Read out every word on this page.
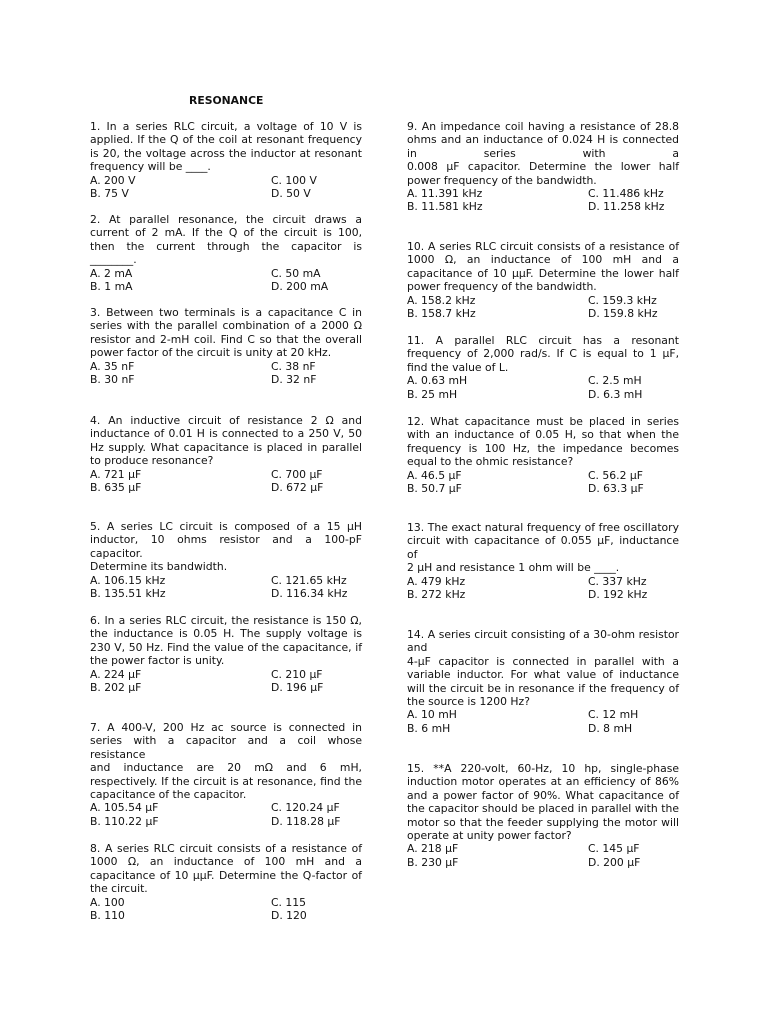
RESONANCE
1. In a series RLC circuit, a voltage of 10 V is
applied. If the Q of the coil at resonant frequency
is 20, the voltage across the inductor at resonant
frequency will be ____.
A. 200 V	C. 100 V
B. 75 V	D. 50 V
2. At parallel resonance, the circuit draws a
current of 2 mA. If the Q of the circuit is 100,
then the current through the capacitor is
________.
A. 2 mA	C. 50 mA
B. 1 mA	D. 200 mA
3. Between two terminals is a capacitance C in
series with the parallel combination of a 2000 Ω
resistor and 2-mH coil. Find C so that the overall
power factor of the circuit is unity at 20 kHz.
A. 35 nF	C. 38 nF
B. 30 nF	D. 32 nF
4. An inductive circuit of resistance 2 Ω and
inductance of 0.01 H is connected to a 250 V, 50
Hz supply. What capacitance is placed in parallel
to produce resonance?
A. 721 μF	C. 700 μF
B. 635 μF	D. 672 μF
5. A series LC circuit is composed of a 15 μH
inductor, 10 ohms resistor and a 100-pF capacitor.
Determine its bandwidth.
A. 106.15 kHz	C. 121.65 kHz
B. 135.51 kHz	D. 116.34 kHz
6. In a series RLC circuit, the resistance is 150 Ω,
the inductance is 0.05 H. The supply voltage is
230 V, 50 Hz. Find the value of the capacitance, if
the power factor is unity.
A. 224 μF	C. 210 μF
B. 202 μF	D. 196 μF
7. A 400-V, 200 Hz ac source is connected in
series with a capacitor and a coil whose resistance
and inductance are 20 mΩ and 6 mH,
respectively. If the circuit is at resonance, find the
capacitance of the capacitor.
A. 105.54 μF	C. 120.24 μF
B. 110.22 μF	D. 118.28 μF
8. A series RLC circuit consists of a resistance of
1000 Ω, an inductance of 100 mH and a
capacitance of 10 μμF. Determine the Q-factor of
the circuit.
A. 100	C. 115
B. 110	D. 120
9. An impedance coil having a resistance of 28.8
ohms and an inductance of 0.024 H is connected
in series with a
0.008 μF capacitor. Determine the lower half
power frequency of the bandwidth.
A. 11.391 kHz	C. 11.486 kHz
B. 11.581 kHz	D. 11.258 kHz
10. A series RLC circuit consists of a resistance of
1000 Ω, an inductance of 100 mH and a
capacitance of 10 μμF. Determine the lower half
power frequency of the bandwidth.
A. 158.2 kHz	C. 159.3 kHz
B. 158.7 kHz	D. 159.8 kHz
11. A parallel RLC circuit has a resonant
frequency of 2,000 rad/s. If C is equal to 1 μF,
find the value of L.
A. 0.63 mH	C. 2.5 mH
B. 25 mH	D. 6.3 mH
12. What capacitance must be placed in series
with an inductance of 0.05 H, so that when the
frequency is 100 Hz, the impedance becomes
equal to the ohmic resistance?
A. 46.5 μF	C. 56.2 μF
B. 50.7 μF	D. 63.3 μF
13. The exact natural frequency of free oscillatory
circuit with capacitance of 0.055 μF, inductance of
2 μH and resistance 1 ohm will be ____.
A. 479 kHz	C. 337 kHz
B. 272 kHz	D. 192 kHz
14. A series circuit consisting of a 30-ohm resistor
and
4-μF capacitor is connected in parallel with a
variable inductor. For what value of inductance
will the circuit be in resonance if the frequency of
the source is 1200 Hz?
A. 10 mH	C. 12 mH
B. 6 mH	D. 8 mH
15. **A 220-volt, 60-Hz, 10 hp, single-phase
induction motor operates at an efficiency of 86%
and a power factor of 90%. What capacitance of
the capacitor should be placed in parallel with the
motor so that the feeder supplying the motor will
operate at unity power factor?
A. 218 μF	C. 145 μF
B. 230 μF	D. 200 μF
